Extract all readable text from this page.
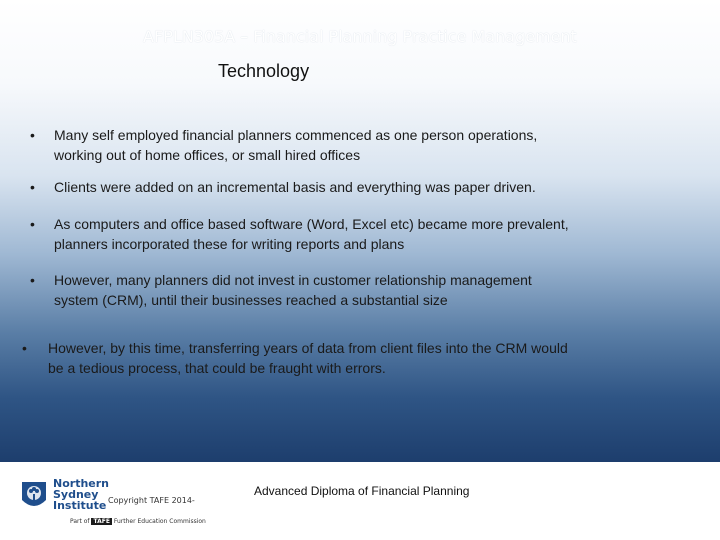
AFPLN305A – Financial Planning Practice Management
Technology
• Many self employed financial planners commenced as one person operations,
working out of home offices, or small hired offices
• Clients were added on an incremental basis and everything was paper driven.
• As computers and office based software (Word, Excel etc) became more prevalent,
planners incorporated these for writing reports and plans
• However, many planners did not invest in customer relationship management
system (CRM), until their businesses reached a substantial size
• However, by this time, transferring years of data from client files into the CRM would
be a tedious process, that could be fraught with errors.
Northern
Sydney
Institute
Part of TAFE Further Education Commission
Copyright TAFE 2014-
Advanced Diploma of Financial Planning
